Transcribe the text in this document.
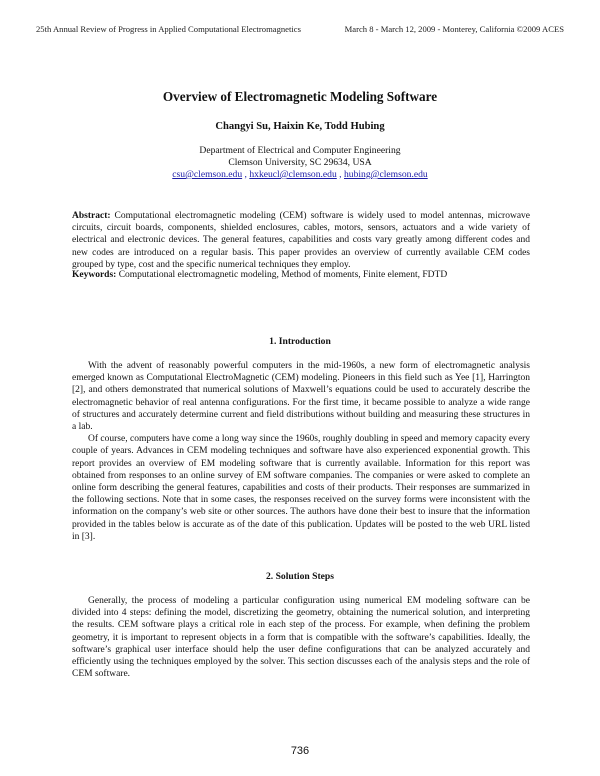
25th Annual Review of Progress in Applied Computational Electromagnetics	March 8 - March 12, 2009 - Monterey, California ©2009 ACES
Overview of Electromagnetic Modeling Software
Changyi Su, Haixin Ke, Todd Hubing
Department of Electrical and Computer Engineering
Clemson University, SC 29634, USA
csu@clemson.edu , hxkeucl@clemson.edu , hubing@clemson.edu
Abstract: Computational electromagnetic modeling (CEM) software is widely used to model antennas, microwave circuits, circuit boards, components, shielded enclosures, cables, motors, sensors, actuators and a wide variety of electrical and electronic devices. The general features, capabilities and costs vary greatly among different codes and new codes are introduced on a regular basis. This paper provides an overview of currently available CEM codes grouped by type, cost and the specific numerical techniques they employ.
Keywords: Computational electromagnetic modeling, Method of moments, Finite element, FDTD
1. Introduction

With the advent of reasonably powerful computers in the mid-1960s, a new form of electromagnetic analysis emerged known as Computational ElectroMagnetic (CEM) modeling. Pioneers in this field such as Yee [1], Harrington [2], and others demonstrated that numerical solutions of Maxwell’s equations could be used to accurately describe the electromagnetic behavior of real antenna configurations. For the first time, it became possible to analyze a wide range of structures and accurately determine current and field distributions without building and measuring these structures in a lab.

Of course, computers have come a long way since the 1960s, roughly doubling in speed and memory capacity every couple of years. Advances in CEM modeling techniques and software have also experienced exponential growth. This report provides an overview of EM modeling software that is currently available. Information for this report was obtained from responses to an online survey of EM software companies. The companies or were asked to complete an online form describing the general features, capabilities and costs of their products. Their responses are summarized in the following sections. Note that in some cases, the responses received on the survey forms were inconsistent with the information on the company’s web site or other sources. The authors have done their best to insure that the information provided in the tables below is accurate as of the date of this publication. Updates will be posted to the web URL listed in [3].

2. Solution Steps

Generally, the process of modeling a particular configuration using numerical EM modeling software can be divided into 4 steps: defining the model, discretizing the geometry, obtaining the numerical solution, and interpreting the results. CEM software plays a critical role in each step of the process. For example, when defining the problem geometry, it is important to represent objects in a form that is compatible with the software’s capabilities. Ideally, the software’s graphical user interface should help the user define configurations that can be analyzed accurately and efficiently using the techniques employed by the solver. This section discusses each of the analysis steps and the role of CEM software.

736
